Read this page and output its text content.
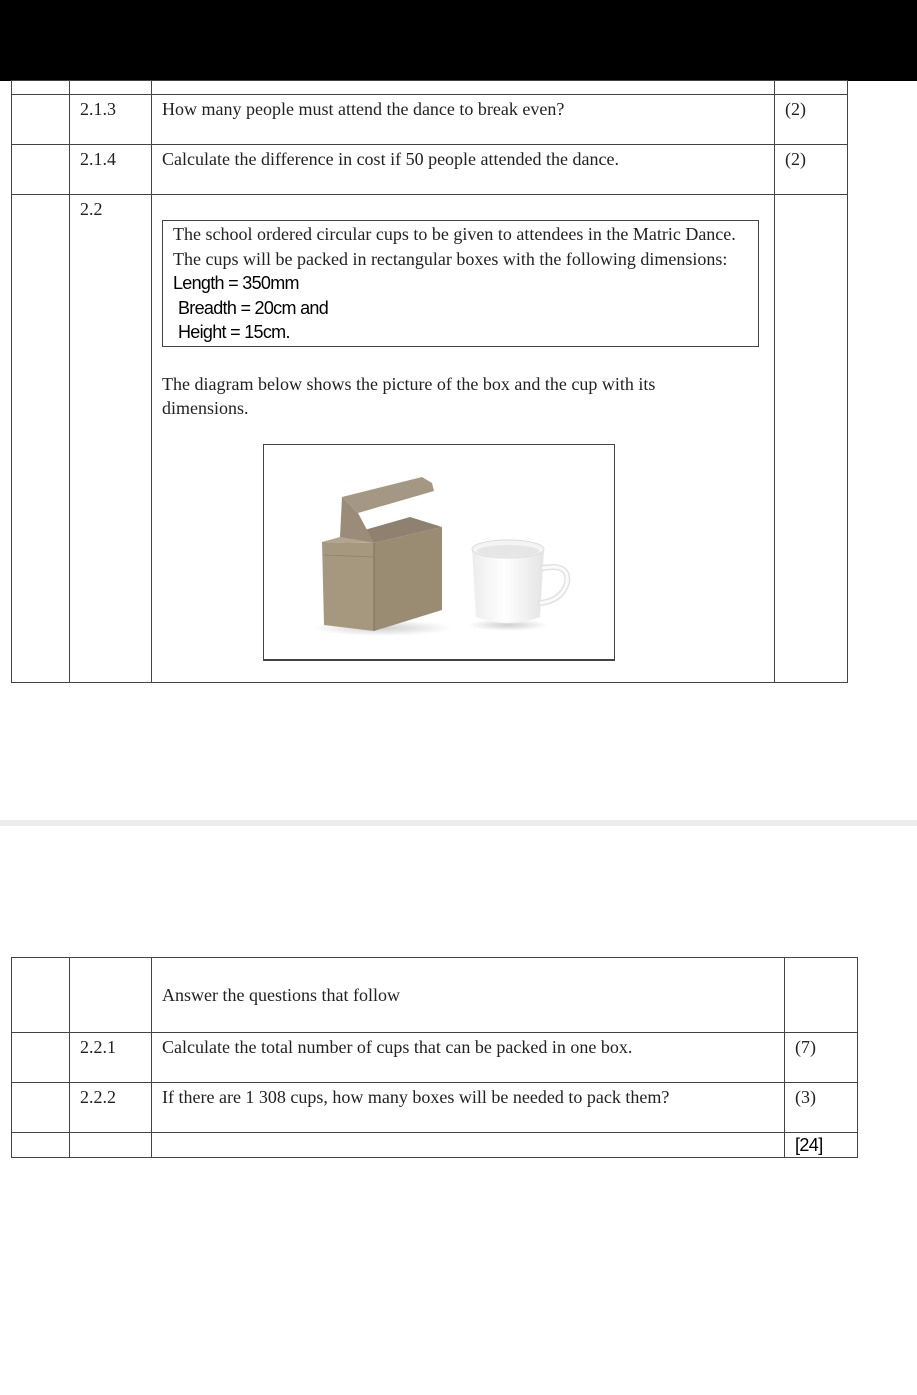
	2.1.3	How many people must attend the dance to break even?	(2)
	2.1.4	Calculate the difference in cost if 50 people attended the dance.	(2)
	2.2	The school ordered circular cups to be given to attendees in the Matric Dance. The cups will be packed in rectangular boxes with the following dimensions:
Length = 350mm
Breadth = 20cm and
Height = 15cm.
The diagram below shows the picture of the box and the cup with its dimensions.	

		Answer the questions that follow	
	2.2.1	Calculate the total number of cups that can be packed in one box.	(7)
	2.2.2	If there are 1 308 cups, how many boxes will be needed to pack them?	(3)
			[24]
